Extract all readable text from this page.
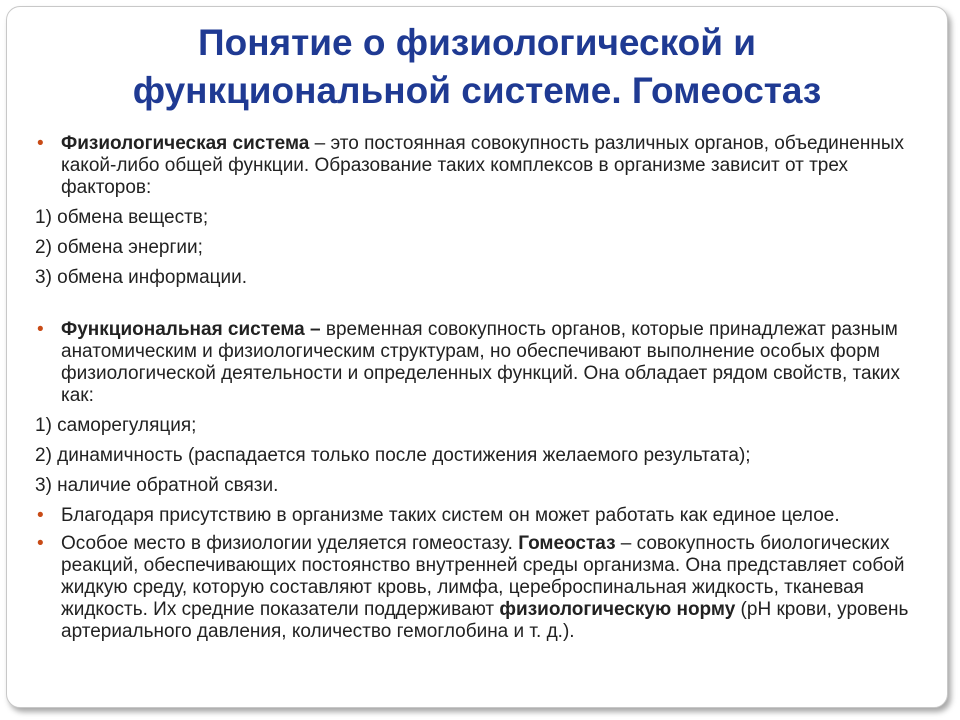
Понятие о физиологической и
функциональной системе. Гомеостаз

• Физиологическая система – это постоянная совокупность различных органов, объединенных какой-либо общей функции. Образование таких комплексов в организме зависит от трех факторов:

1) обмена веществ;

2) обмена энергии;

3) обмена информации.

• Функциональная система – временная совокупность органов, которые принадлежат разным анатомическим и физиологическим структурам, но обеспечивают выполнение особых форм физиологической деятельности и определенных функций. Она обладает рядом свойств, таких как:

1) саморегуляция;

2) динамичность (распадается только после достижения желаемого результата);

3) наличие обратной связи.

• Благодаря присутствию в организме таких систем он может работать как единое целое.

• Особое место в физиологии уделяется гомеостазу. Гомеостаз – совокупность биологических реакций, обеспечивающих постоянство внутренней среды организма. Она представляет собой жидкую среду, которую составляют кровь, лимфа, цереброспинальная жидкость, тканевая жидкость. Их средние показатели поддерживают физиологическую норму (pH крови, уровень артериального давления, количество гемоглобина и т. д.).
